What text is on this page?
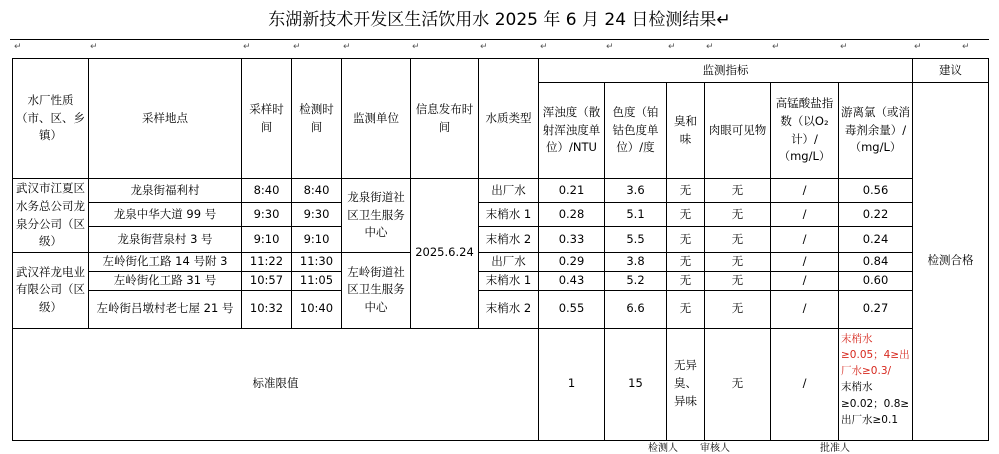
东湖新技术开发区生活饮用水 2025 年 6 月 24 日检测结果↵
↵	↵	↵	↵	↵	↵	↵	↵	↵	↵	↵	↵	↵	↵	↵
水厂性质（市、区、乡镇）	采样地点	采样时间	检测时间	监测单位	信息发布时间	水质类型	监测指标						建议
							浑浊度（散射浑浊度单位）/NTU	色度（铂钴色度单位）/度	臭和味	肉眼可见物	高锰酸盐指数（以O₂计）/（mg/L）	游离氯（或消毒剂余量）/（mg/L）	检测合格
武汉市江夏区水务总公司龙泉分公司（区级）	龙泉街福利村	8:40	8:40	龙泉街道社区卫生服务中心	2025.6.24	出厂水	0.21	3.6	无	无	/	0.56	
	龙泉中华大道 99 号	9:30	9:30			末梢水 1	0.28	5.1	无	无	/	0.22	
	龙泉街营泉村 3 号	9:10	9:10			末梢水 2	0.33	5.5	无	无	/	0.24	
武汉祥龙电业有限公司（区级）	左岭街化工路 14 号附 3	11:22	11:30	左岭街道社区卫生服务中心		出厂水	0.29	3.8	无	无	/	0.84	
	左岭街化工路 31 号	10:57	11:05			末梢水 1	0.43	5.2	无	无	/	0.60	
	左岭街吕墩村老七屋 21 号	10:32	10:40			末梢水 2	0.55	6.6	无	无	/	0.27	
标准限值							1	15	无异臭、异味	无	/	末梢水≥0.05；4≥出厂水≥0.3/
末梢水≥0.02；0.8≥出厂水≥0.1	
检测人 审核人	批准人
